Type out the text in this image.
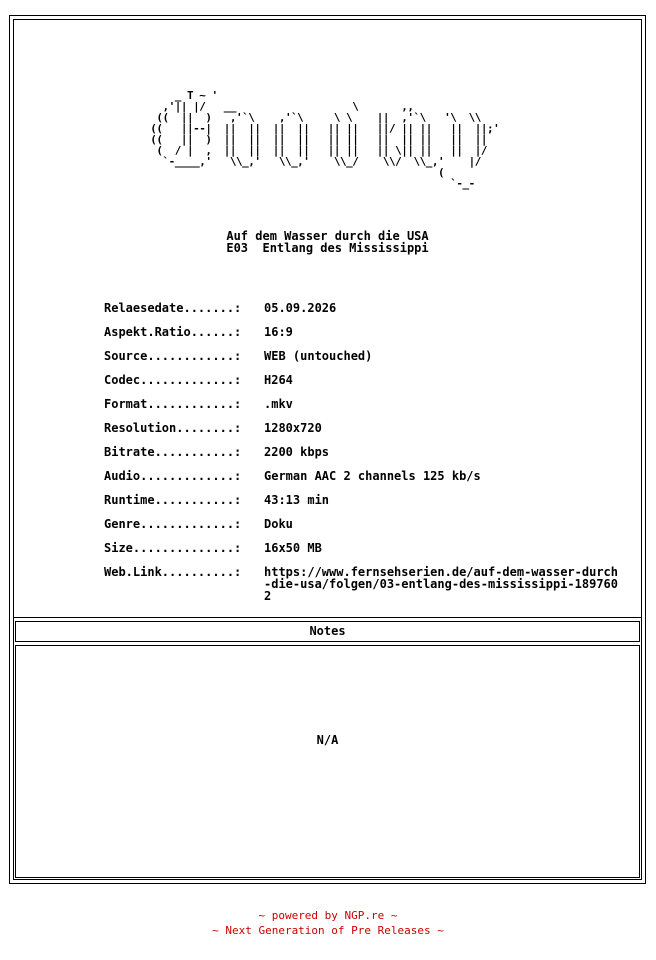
_ T ~ '
,'|| |/   __                   \       ,,
((  ||  )   ,'`\    ,'`\     \ \    ||  ,'`\   '\  \\
((   ||--|  ||  ||  ||  ||   || ||   ||/ || ||   ||  ||;'
((   ||  )  ||  ||  ||  ||   || ||   ||  || ||   ||  ||
(  / |  ,  ||  ||  ||  ||   || ||   || \|| ||   ||  |/
`-____,'   \\_,'   \\_,'    \\_/    \\/  \\_,'    |/
(
`-_-
Auf dem Wasser durch die USA
E03  Entlang des Mississippi
Relaesedate.......:	05.09.2026
Aspekt.Ratio......:	16:9
Source............:	WEB (untouched)
Codec.............:	H264
Format............:	.mkv
Resolution........:	1280x720
Bitrate...........:	2200 kbps
Audio.............:	German AAC 2 channels 125 kb/s
Runtime...........:	43:13 min
Genre.............:	Doku
Size..............:	16x50 MB
Web.Link..........:	https://www.fernsehserien.de/auf-dem-wasser-durch-die-usa/folgen/03-entlang-des-mississippi-1897602
Notes
N/A
~ powered by NGP.re ~
~ Next Generation of Pre Releases ~
